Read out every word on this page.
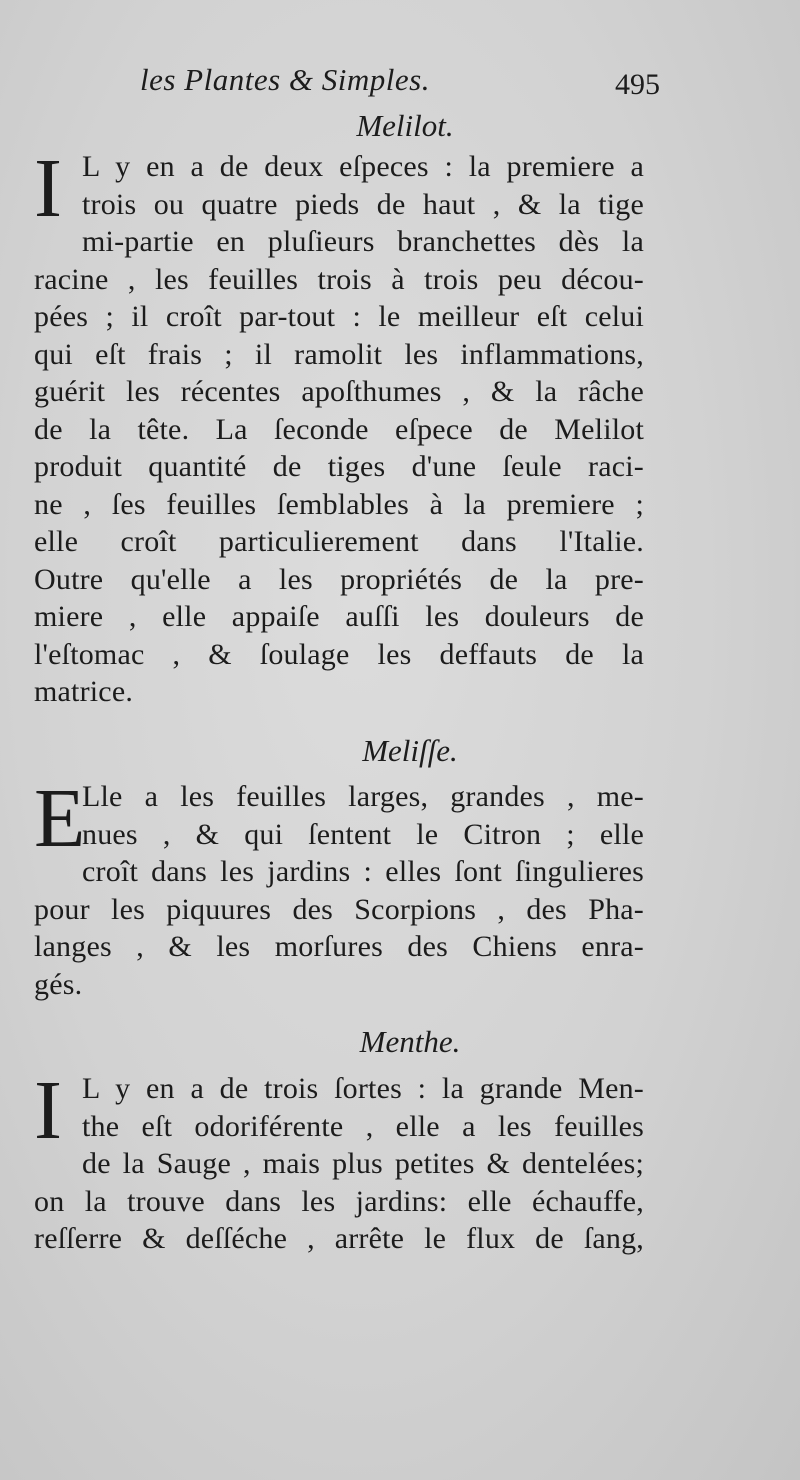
les Plantes & Simples.	495
Melilot.
I L y en a de deux eſpeces : la premiere a
trois ou quatre pieds de haut , & la tige
mi-partie en pluſieurs branchettes dès la
racine , les feuilles trois à trois peu décou-
pées ; il croît par-tout : le meilleur eſt celui
qui eſt frais ; il ramolit les inflammations,
guérit les récentes apoſthumes , & la râche
de la tête. La ſeconde eſpece de Melilot
produit quantité de tiges d'une ſeule raci-
ne , ſes feuilles ſemblables à la premiere ;
elle croît particulierement dans l'Italie.
Outre qu'elle a les propriétés de la pre-
miere , elle appaiſe auſſi les douleurs de
l'eſtomac , & ſoulage les deffauts de la
matrice.
Meliſſe.
E
Lle a les feuilles larges, grandes , me-
nues , & qui ſentent le Citron ; elle
croît dans les jardins : elles ſont ſingulieres
pour les piquures des Scorpions , des Pha-
langes , & les morſures des Chiens enra-
gés.
Menthe.
I L y en a de trois ſortes : la grande Men-
the eſt odoriférente , elle a les feuilles
de la Sauge , mais plus petites & dentelées;
on la trouve dans les jardins: elle échauffe,
reſſerre & deſſéche , arrête le flux de ſang,
